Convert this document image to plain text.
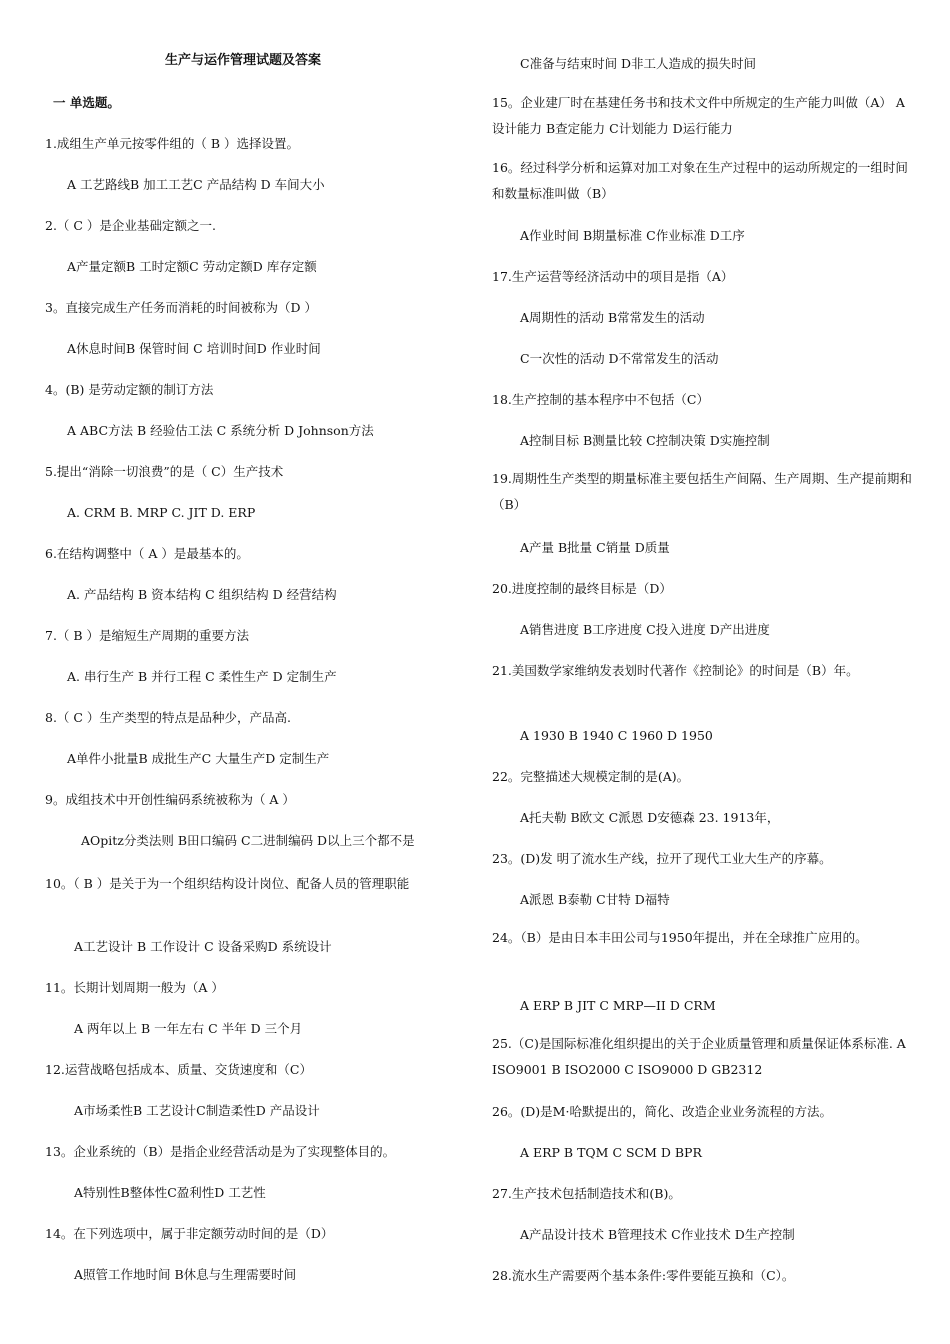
生产与运作管理试题及答案
一 单选题。
1.成组生产单元按零件组的（ B ）选择设置。
A 工艺路线B 加工工艺C 产品结构 D 车间大小
2.（ C ）是企业基础定额之一.
A产量定额B 工时定额C 劳动定额D 库存定额
3。直接完成生产任务而消耗的时间被称为（D ）
A休息时间B 保管时间 C 培训时间D 作业时间
4。(B) 是劳动定额的制订方法
A ABC方法 B 经验估工法 C 系统分析 D Johnson方法
5.提出“消除一切浪费”的是（ C）生产技术
A. CRM B. MRP C. JIT D. ERP
6.在结构调整中（ A ）是最基本的。
A. 产品结构 B 资本结构 C 组织结构 D 经营结构
7.（ B ）是缩短生产周期的重要方法
A. 串行生产 B 并行工程 C 柔性生产 D 定制生产
8.（ C ）生产类型的特点是品种少，产品高.
A单件小批量B 成批生产C 大量生产D 定制生产
9。成组技术中开创性编码系统被称为（ A ）
AOpitz分类法则 B田口编码 C二进制编码 D以上三个都不是
10。（ B ）是关于为一个组织结构设计岗位、配备人员的管理职能
A工艺设计 B 工作设计 C 设备采购D 系统设计
11。长期计划周期一般为（A ）
A 两年以上 B 一年左右 C 半年 D 三个月
12.运营战略包括成本、质量、交货速度和（C）
A市场柔性B 工艺设计C制造柔性D 产品设计
13。企业系统的（B）是指企业经营活动是为了实现整体目的。
A特别性B整体性C盈利性D 工艺性
14。在下列选项中，属于非定额劳动时间的是（D）
A照管工作地时间 B休息与生理需要时间
C准备与结束时间 D非工人造成的损失时间
15。企业建厂时在基建任务书和技术文件中所规定的生产能力叫做（A） A设计能力 B查定能力 C计划能力 D运行能力
16。经过科学分析和运算对加工对象在生产过程中的运动所规定的一组时间和数量标准叫做（B）
A作业时间 B期量标准 C作业标准 D工序
17.生产运营等经济活动中的项目是指（A）
A周期性的活动 B常常发生的活动
C一次性的活动 D不常常发生的活动
18.生产控制的基本程序中不包括（C）
A控制目标 B测量比较 C控制决策 D实施控制
19.周期性生产类型的期量标准主要包括生产间隔、生产周期、生产提前期和（B）
A产量 B批量 C销量 D质量
20.进度控制的最终目标是（D）
A销售进度 B工序进度 C投入进度 D产出进度
21.美国数学家维纳发表划时代著作《控制论》的时间是（B）年。
A 1930 B 1940 C 1960 D 1950
22。完整描述大规模定制的是(A)。
A托夫勒 B欧文 C派恩 D安德森 23. 1913年，
23。(D)发 明了流水生产线，拉开了现代工业大生产的序幕。
A派恩 B泰勒 C甘特 D福特
24。（B）是由日本丰田公司与1950年提出，并在全球推广应用的。
A ERP B JIT C MRP—II D CRM
25.（C)是国际标准化组织提出的关于企业质量管理和质量保证体系标准. A ISO9001 B ISO2000 C ISO9000 D GB2312
26。(D)是M·哈默提出的，简化、改造企业业务流程的方法。
A ERP B TQM C SCM D BPR
27.生产技术包括制造技术和(B)。
A产品设计技术 B管理技术 C作业技术 D生产控制
28.流水生产需要两个基本条件:零件要能互换和（C）。
